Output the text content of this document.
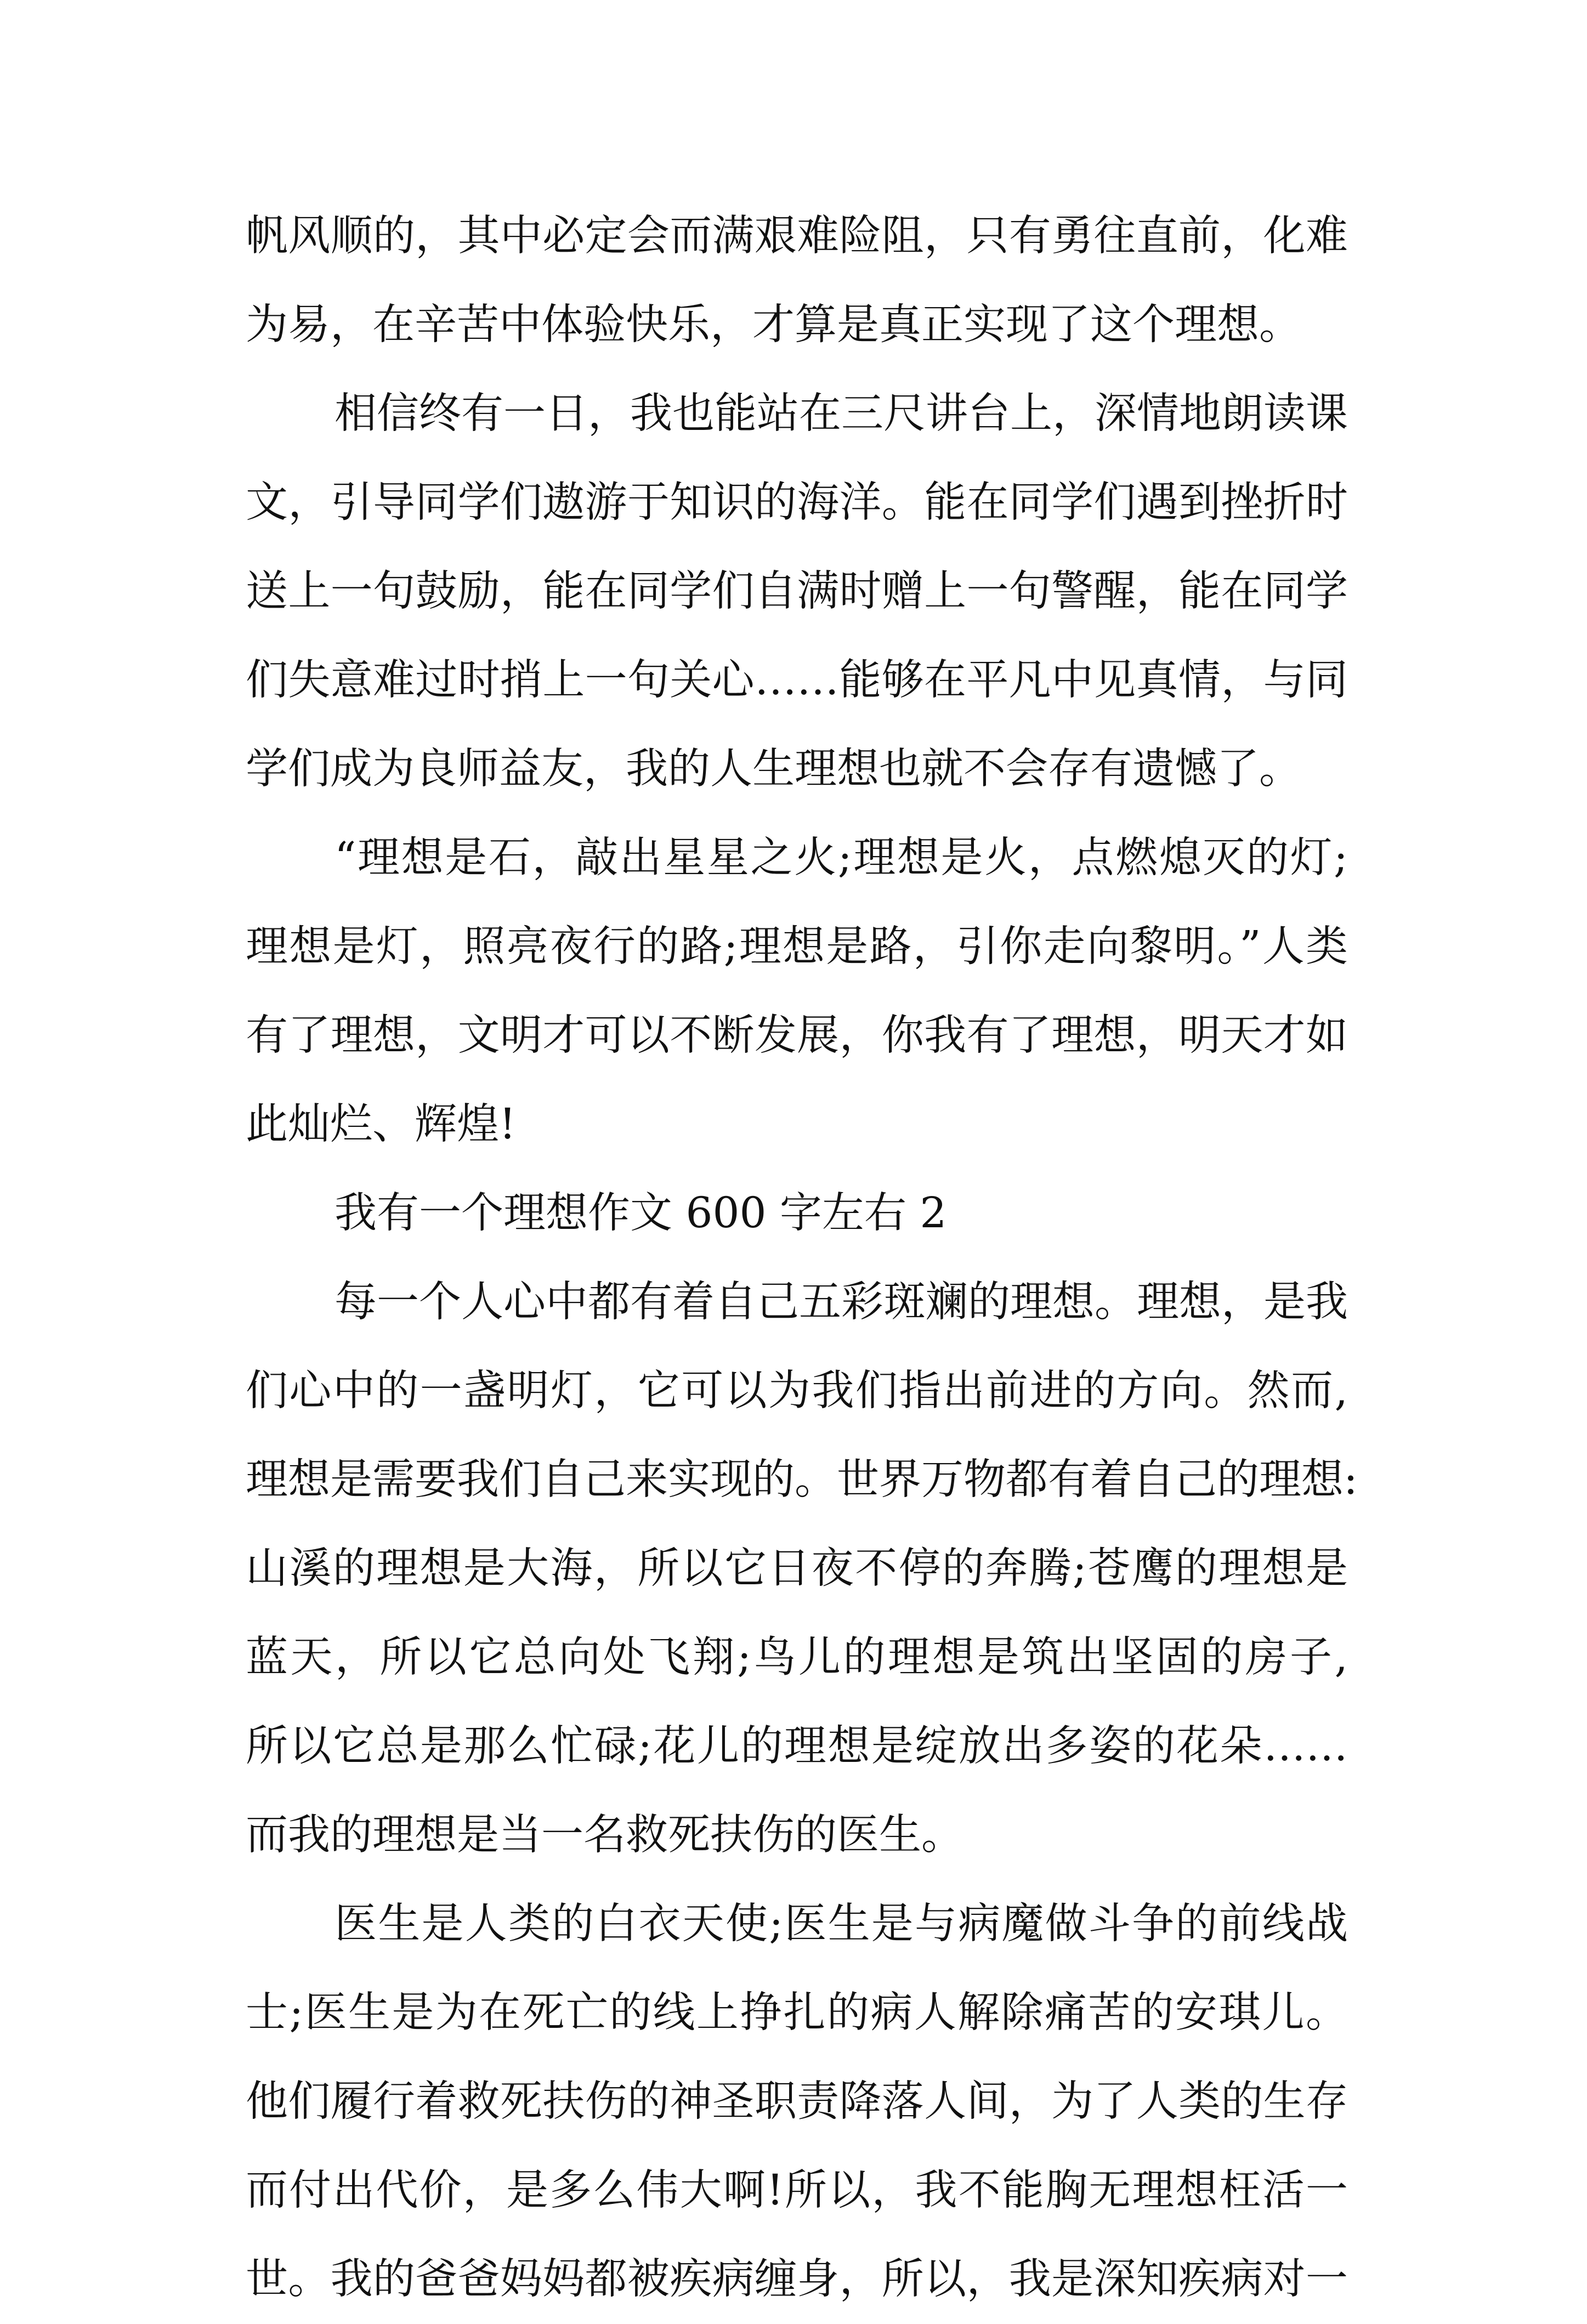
帆风顺的，其中必定会而满艰难险阻，只有勇往直前，化难
为易，在辛苦中体验快乐，才算是真正实现了这个理想。
相信终有一日，我也能站在三尺讲台上，深情地朗读课
文，引导同学们遨游于知识的海洋。能在同学们遇到挫折时
送上一句鼓励，能在同学们自满时赠上一句警醒，能在同学
们失意难过时捎上一句关心……能够在平凡中见真情，与同
学们成为良师益友，我的人生理想也就不会存有遗憾了。
“理想是石，敲出星星之火;理想是火，点燃熄灭的灯;
理想是灯，照亮夜行的路;理想是路，引你走向黎明。”人类
有了理想，文明才可以不断发展，你我有了理想，明天才如
此灿烂、辉煌!
我有一个理想作文 600 字左右 2
每一个人心中都有着自己五彩斑斓的理想。理想，是我
们心中的一盏明灯，它可以为我们指出前进的方向。然而,
理想是需要我们自己来实现的。世界万物都有着自己的理想:
山溪的理想是大海，所以它日夜不停的奔腾;苍鹰的理想是
蓝天，所以它总向处飞翔;鸟儿的理想是筑出坚固的房子,
所以它总是那么忙碌;花儿的理想是绽放出多姿的花朵……
而我的理想是当一名救死扶伤的医生。
医生是人类的白衣天使;医生是与病魔做斗争的前线战
士;医生是为在死亡的线上挣扎的病人解除痛苦的安琪儿。
他们履行着救死扶伤的神圣职责降落人间，为了人类的生存
而付出代价，是多么伟大啊!所以，我不能胸无理想枉活一
世。我的爸爸妈妈都被疾病缠身，所以，我是深知疾病对一
